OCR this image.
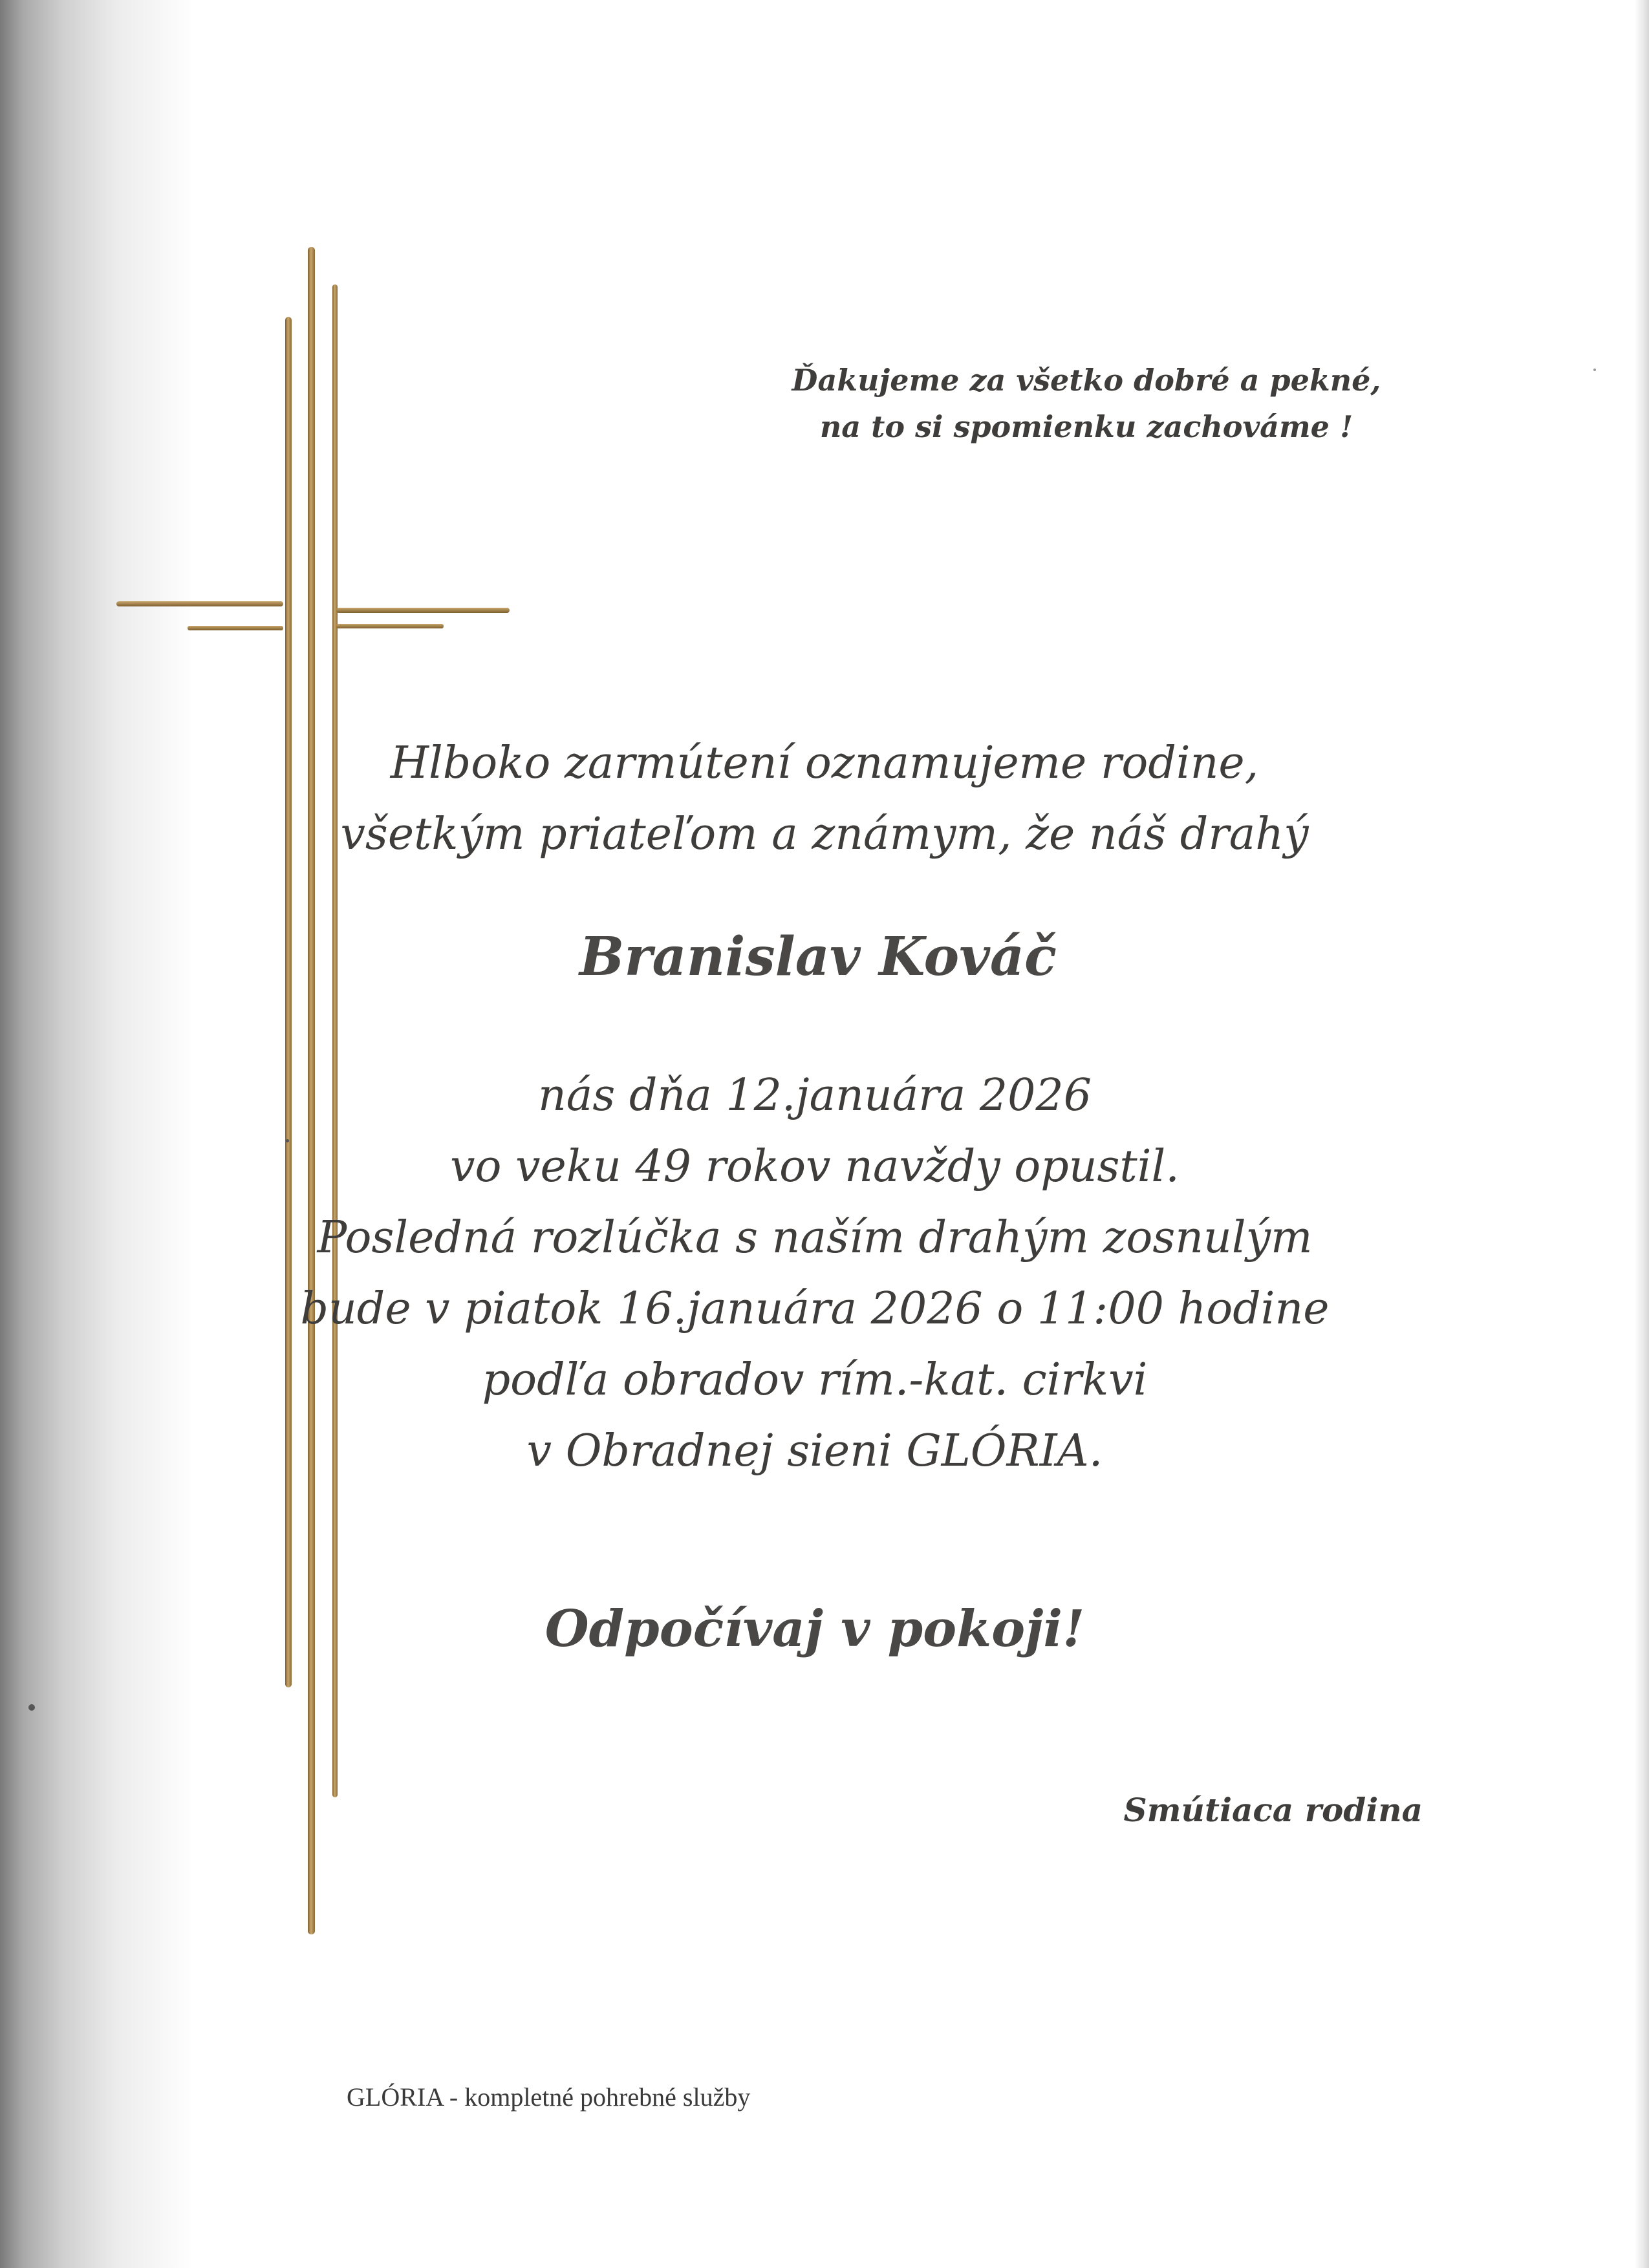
Ďakujeme za všetko dobré a pekné,
na to si spomienku zachováme !
Hlboko zarmútení oznamujeme rodine,
všetkým priateľom a známym, že náš drahý
Branislav Kováč
nás dňa 12.januára 2026
vo veku 49 rokov navždy opustil.
Posledná rozlúčka s naším drahým zosnulým
bude v piatok 16.januára 2026 o 11:00 hodine
podľa obradov rím.-kat. cirkvi
v Obradnej sieni GLÓRIA.
Odpočívaj v pokoji!
Smútiaca rodina
GLÓRIA - kompletné pohrebné služby
